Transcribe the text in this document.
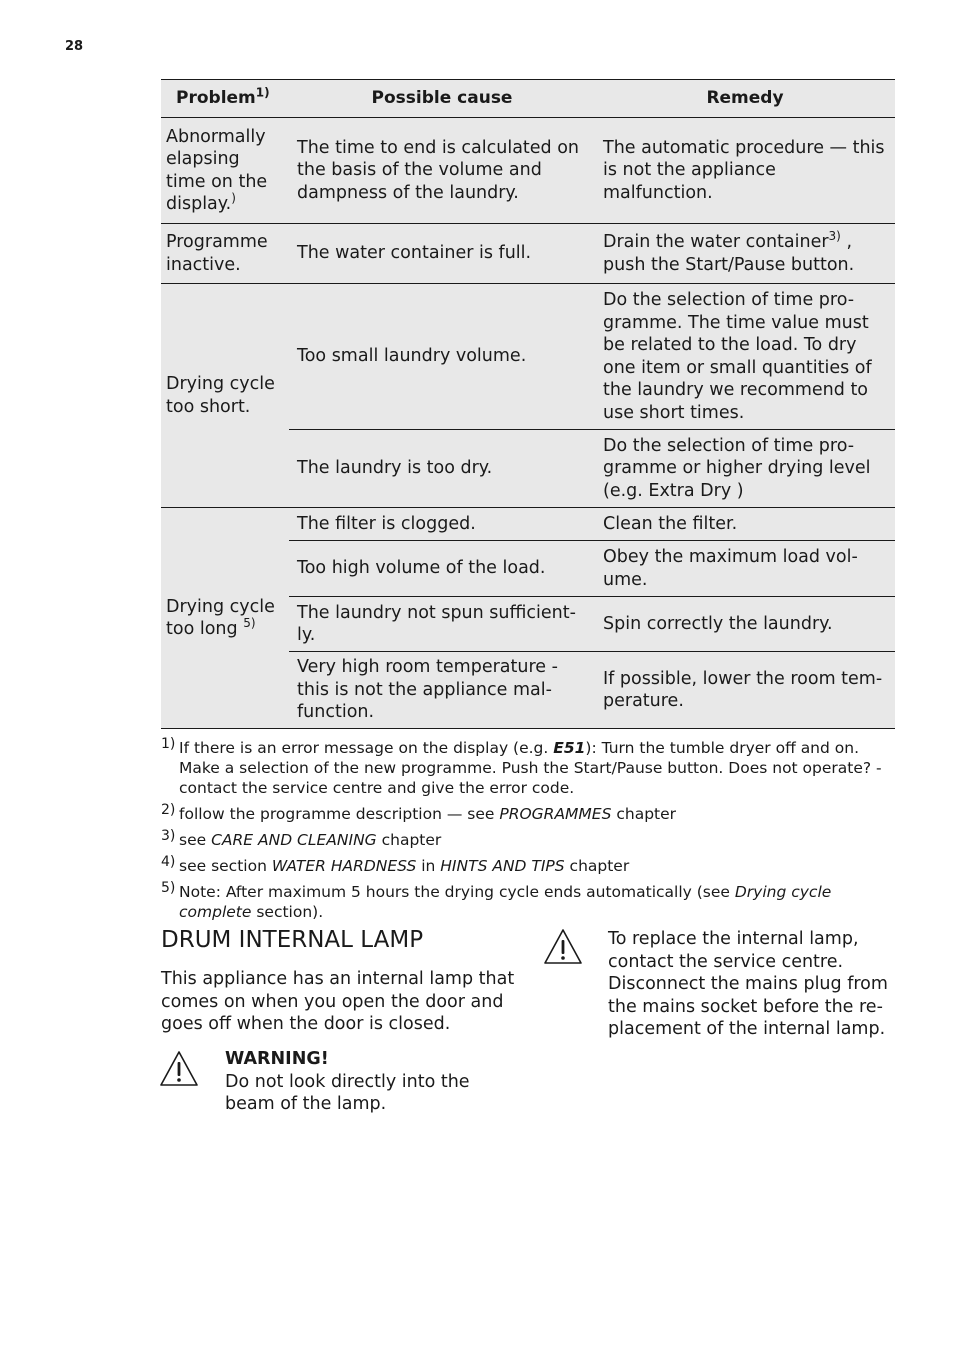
28
Problem$^{1)}$	Possible cause	Remedy
Abnormally elapsing time on the display.)	The time to end is calculated on the basis of the volume and dampness of the laundry.	The automatic procedure — this is not the appliance malfunction.
Programme inactive.	The water container is full.	Drain the water container$^{3)}$ , push the Start/Pause button.
Drying cycle too short.	Too small laundry volume.	Do the selection of time pro-gramme. The time value must be related to the load. To dry one item or small quantities of the laundry we recommend to use short times.
	The laundry is too dry.	Do the selection of time pro-gramme or higher drying level (e.g. Extra Dry )
Drying cycle too long $^{5)}$	The filter is clogged.	Clean the filter.
	Too high volume of the load.	Obey the maximum load vol-ume.
	The laundry not spun sufficient-ly.	Spin correctly the laundry.
	Very high room temperature - this is not the appliance mal-function.	If possible, lower the room tem-perature.
1) If there is an error message on the display (e.g. E51): Turn the tumble dryer off and on. Make a selection of the new programme. Push the Start/Pause button. Does not operate? - contact the service centre and give the error code.
2) follow the programme description — see PROGRAMMES chapter
3) see CARE AND CLEANING chapter
4) see section WATER HARDNESS in HINTS AND TIPS chapter
5) Note: After maximum 5 hours the drying cycle ends automatically (see Drying cycle complete section).
DRUM INTERNAL LAMP
This appliance has an internal lamp that comes on when you open the door and goes off when the door is closed.
WARNING!
Do not look directly into the beam of the lamp.
To replace the internal lamp, contact the service centre. Disconnect the mains plug from the mains socket before the re-placement of the internal lamp.
